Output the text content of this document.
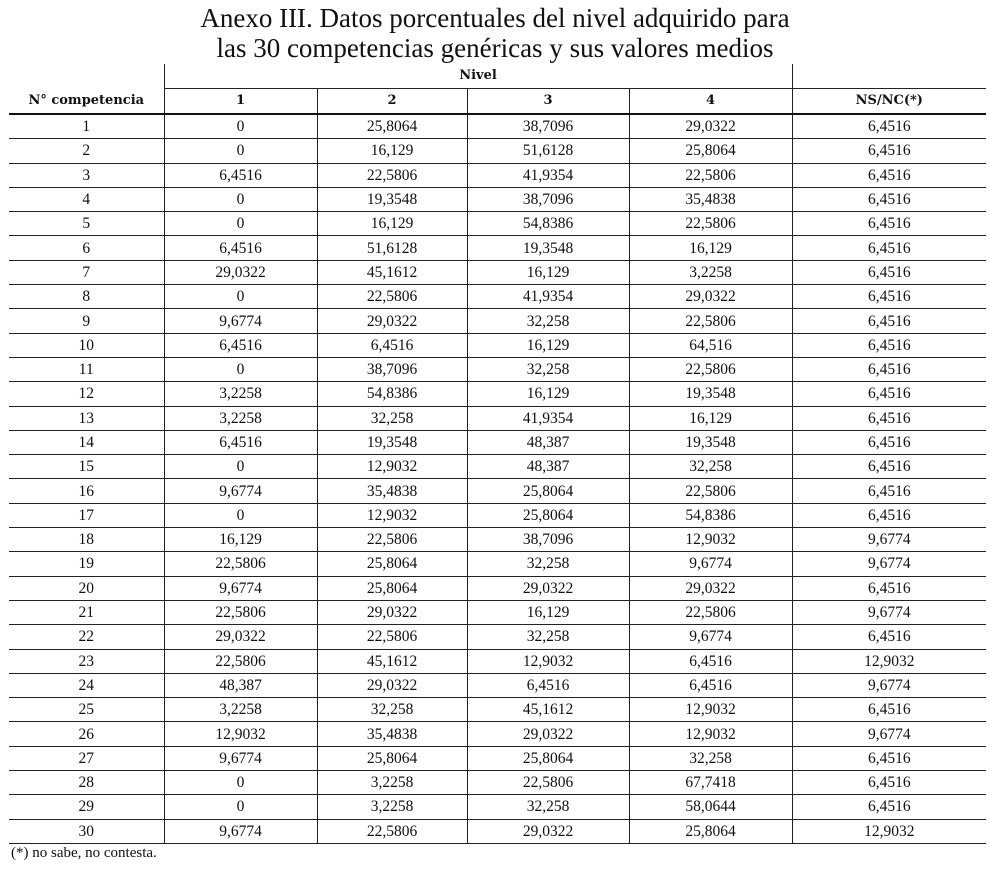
Anexo III. Datos porcentuales del nivel adquirido para
las 30 competencias genéricas y sus valores medios
	Nivel				
N° competencia	1	2	3	4	NS/NC(*)
1	0	25,8064	38,7096	29,0322	6,4516
2	0	16,129	51,6128	25,8064	6,4516
3	6,4516	22,5806	41,9354	22,5806	6,4516
4	0	19,3548	38,7096	35,4838	6,4516
5	0	16,129	54,8386	22,5806	6,4516
6	6,4516	51,6128	19,3548	16,129	6,4516
7	29,0322	45,1612	16,129	3,2258	6,4516
8	0	22,5806	41,9354	29,0322	6,4516
9	9,6774	29,0322	32,258	22,5806	6,4516
10	6,4516	6,4516	16,129	64,516	6,4516
11	0	38,7096	32,258	22,5806	6,4516
12	3,2258	54,8386	16,129	19,3548	6,4516
13	3,2258	32,258	41,9354	16,129	6,4516
14	6,4516	19,3548	48,387	19,3548	6,4516
15	0	12,9032	48,387	32,258	6,4516
16	9,6774	35,4838	25,8064	22,5806	6,4516
17	0	12,9032	25,8064	54,8386	6,4516
18	16,129	22,5806	38,7096	12,9032	9,6774
19	22,5806	25,8064	32,258	9,6774	9,6774
20	9,6774	25,8064	29,0322	29,0322	6,4516
21	22,5806	29,0322	16,129	22,5806	9,6774
22	29,0322	22,5806	32,258	9,6774	6,4516
23	22,5806	45,1612	12,9032	6,4516	12,9032
24	48,387	29,0322	6,4516	6,4516	9,6774
25	3,2258	32,258	45,1612	12,9032	6,4516
26	12,9032	35,4838	29,0322	12,9032	9,6774
27	9,6774	25,8064	25,8064	32,258	6,4516
28	0	3,2258	22,5806	67,7418	6,4516
29	0	3,2258	32,258	58,0644	6,4516
30	9,6774	22,5806	29,0322	25,8064	12,9032
(*) no sabe, no contesta.
